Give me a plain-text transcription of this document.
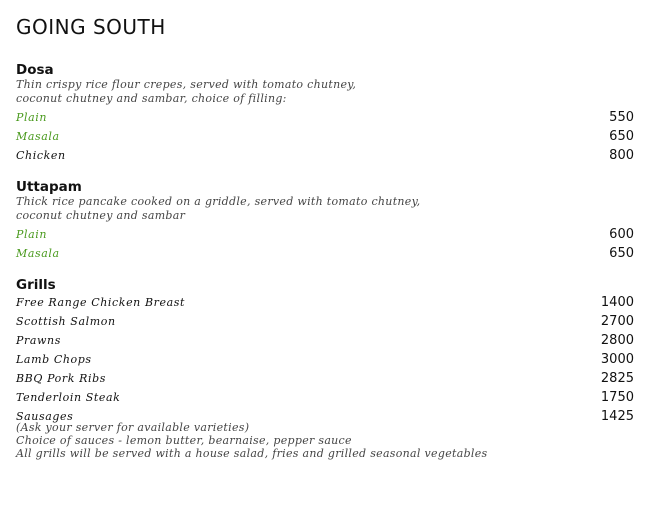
GOING SOUTH
Dosa

Thin crispy rice flour crepes, served with tomato chutney,
coconut chutney and sambar, choice of filling:

Plain	550
Masala	650
Chicken	800
Uttapam

Thick rice pancake cooked on a griddle, served with tomato chutney,
coconut chutney and sambar

Plain	600
Masala	650
Grills
Free Range Chicken Breast	1400
Scottish Salmon	2700
Prawns	2800
Lamb Chops	3000
BBQ Pork Ribs	2825
Tenderloin Steak	1750
Sausages	1425
(Ask your server for available varieties)
Choice of sauces - lemon butter, bearnaise, pepper sauce
All grills will be served with a house salad, fries and grilled seasonal vegetables
